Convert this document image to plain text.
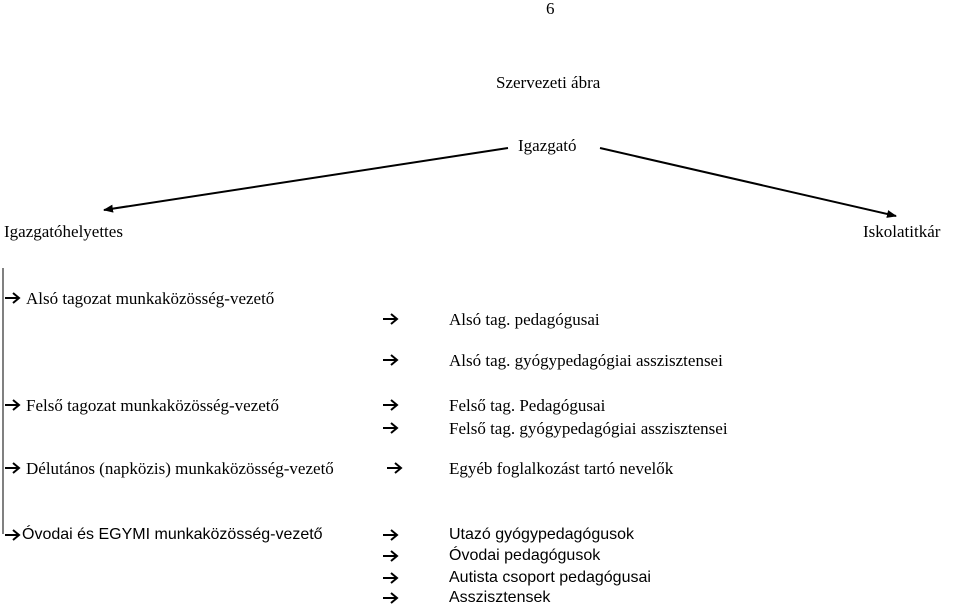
6
Szervezeti ábra
Igazgató
Igazgatóhelyettes	Iskolatitkár
Alsó tagozat munkaközösség-vezető
Alsó tag. pedagógusai
Alsó tag. gyógypedagógiai asszisztensei
Felső tagozat munkaközösség-vezető	Felső tag. Pedagógusai
Felső tag. gyógypedagógiai asszisztensei
Délutános (napközis) munkaközösség-vezető	Egyéb foglalkozást tartó nevelők
Óvodai és EGYMI munkaközösség-vezető	Utazó gyógypedagógusok
Óvodai pedagógusok
Autista csoport pedagógusai
Asszisztensek
